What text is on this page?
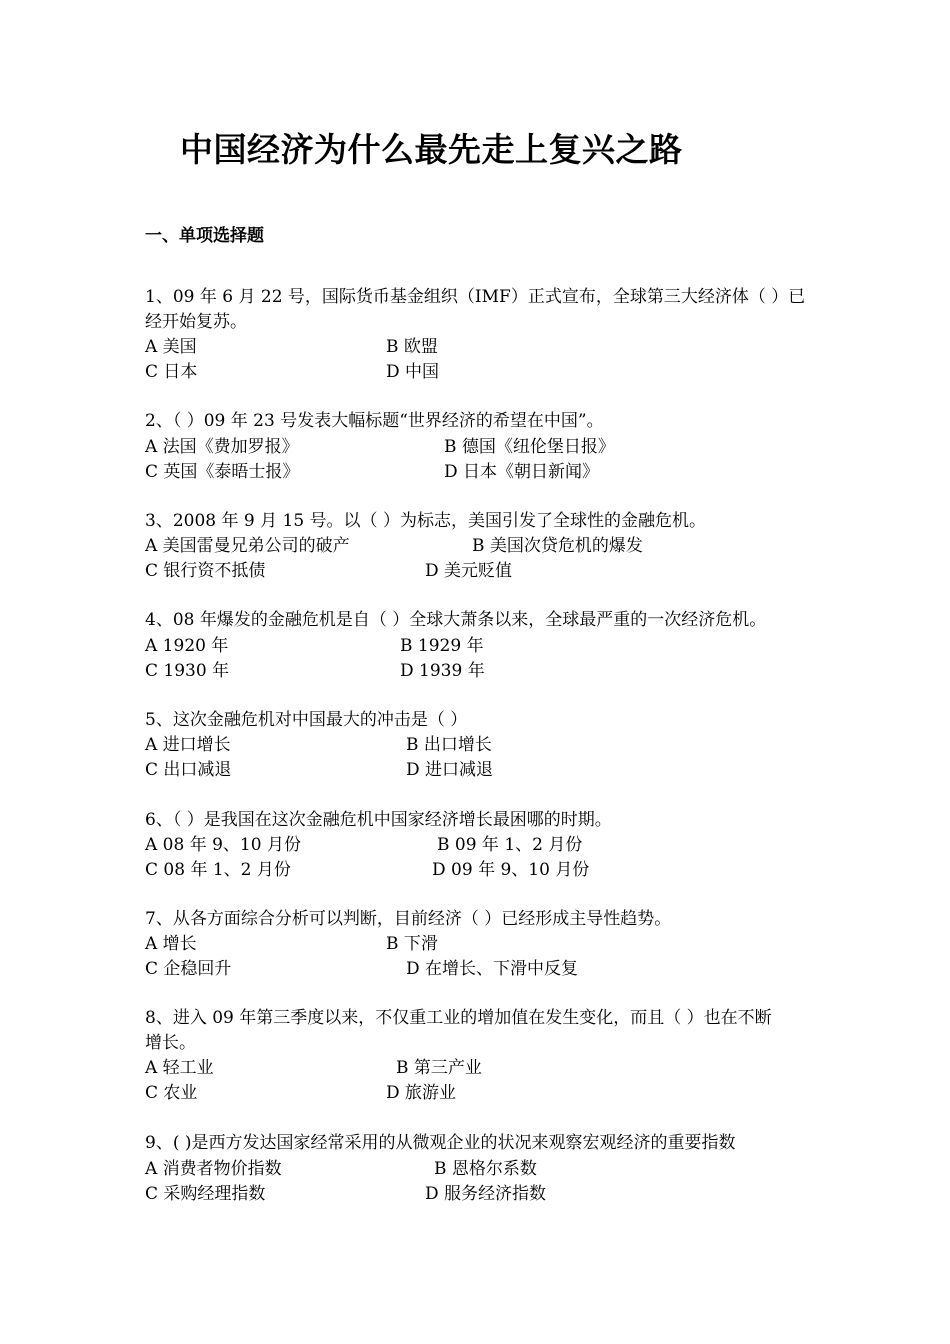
中国经济为什么最先走上复兴之路
一、单项选择题
1、09 年 6 月 22 号，国际货币基金组织（IMF）正式宣布，全球第三大经济体（ ）已
经开始复苏。
A 美国	B 欧盟
C 日本	D 中国
2、（ ）09 年 23 号发表大幅标题“世界经济的希望在中国”。
A 法国《费加罗报》	B 德国《纽伦堡日报》
C 英国《泰晤士报》	D 日本《朝日新闻》
3、2008 年 9 月 15 号。以（ ）为标志，美国引发了全球性的金融危机。
A 美国雷曼兄弟公司的破产	B 美国次贷危机的爆发
C 银行资不抵债	D 美元贬值
4、08 年爆发的金融危机是自（ ）全球大萧条以来，全球最严重的一次经济危机。
A 1920 年	B 1929 年
C 1930 年	D 1939 年
5、这次金融危机对中国最大的冲击是（ ）
A 进口增长	B 出口增长
C 出口减退	D 进口减退
6、（ ）是我国在这次金融危机中国家经济增长最困哪的时期。
A 08 年 9、10 月份	B 09 年 1、2 月份
C 08 年 1、2 月份	D 09 年 9、10 月份
7、从各方面综合分析可以判断，目前经济（ ）已经形成主导性趋势。
A 增长	B 下滑
C 企稳回升	D 在增长、下滑中反复
8、进入 09 年第三季度以来，不仅重工业的增加值在发生变化，而且（ ）也在不断
增长。
A 轻工业	B 第三产业
C 农业	D 旅游业
9、( )是西方发达国家经常采用的从微观企业的状况来观察宏观经济的重要指数
A 消费者物价指数	B 恩格尔系数
C 采购经理指数	D 服务经济指数
